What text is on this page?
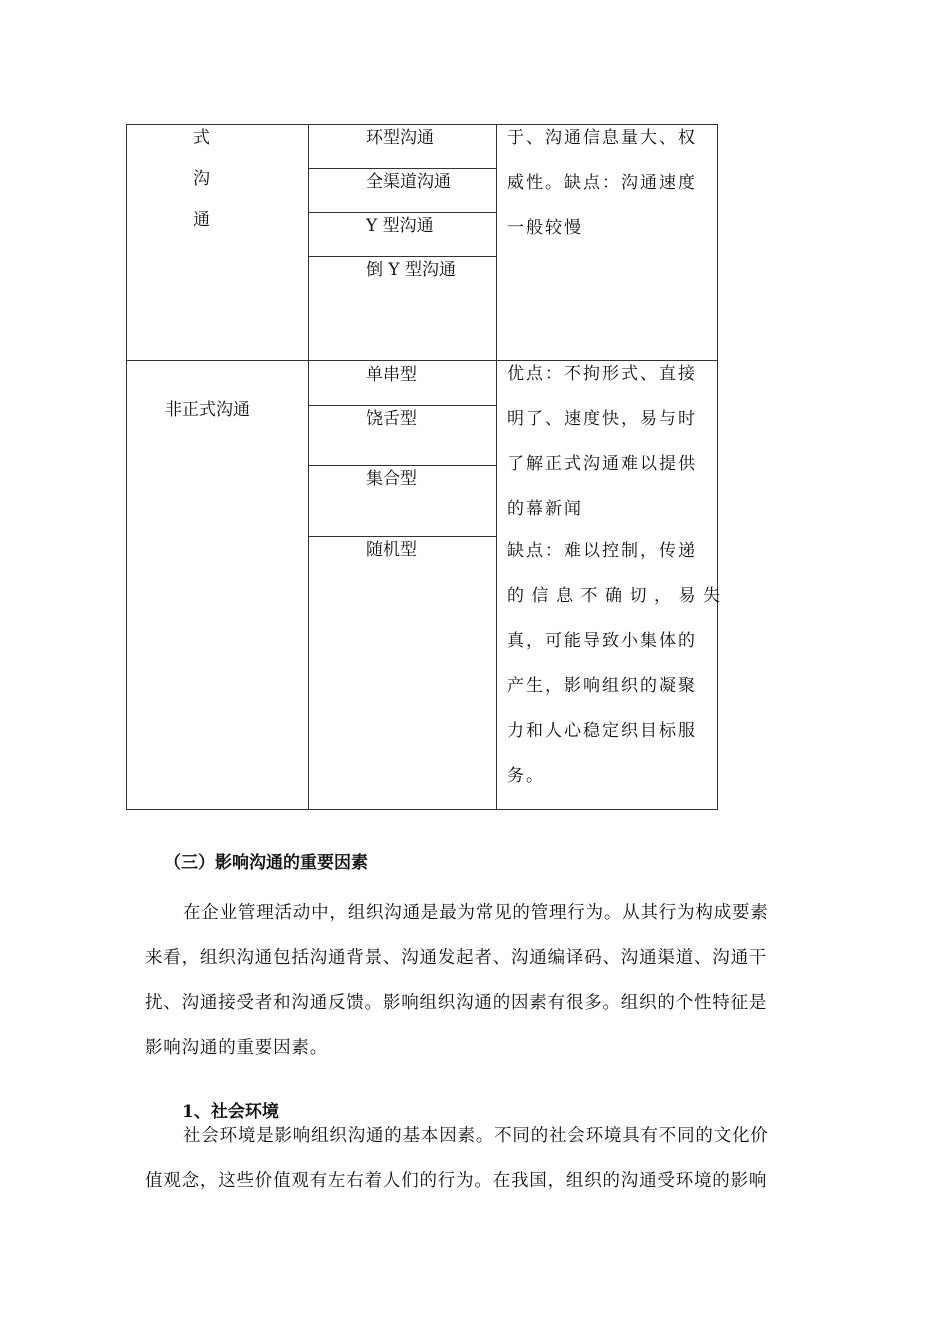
式
沟
通
环型沟通
全渠道沟通
Y 型沟通
倒 Y 型沟通
于、沟通信息量大、权
威性。缺点：沟通速度
一般较慢
非正式沟通
单串型
饶舌型
集合型
随机型
优点：不拘形式、直接
明了、速度快，易与时
了解正式沟通难以提供
的幕新闻
缺点：难以控制，传递
的信息不确切，易失
真，可能导致小集体的
产生，影响组织的凝聚
力和人心稳定织目标服
务。
（三）影响沟通的重要因素
在企业管理活动中，组织沟通是最为常见的管理行为。从其行为构成要素
来看，组织沟通包括沟通背景、沟通发起者、沟通编译码、沟通渠道、沟通干
扰、沟通接受者和沟通反馈。影响组织沟通的因素有很多。组织的个性特征是
影响沟通的重要因素。
1、社会环境
社会环境是影响组织沟通的基本因素。不同的社会环境具有不同的文化价
值观念，这些价值观有左右着人们的行为。在我国，组织的沟通受环境的影响
